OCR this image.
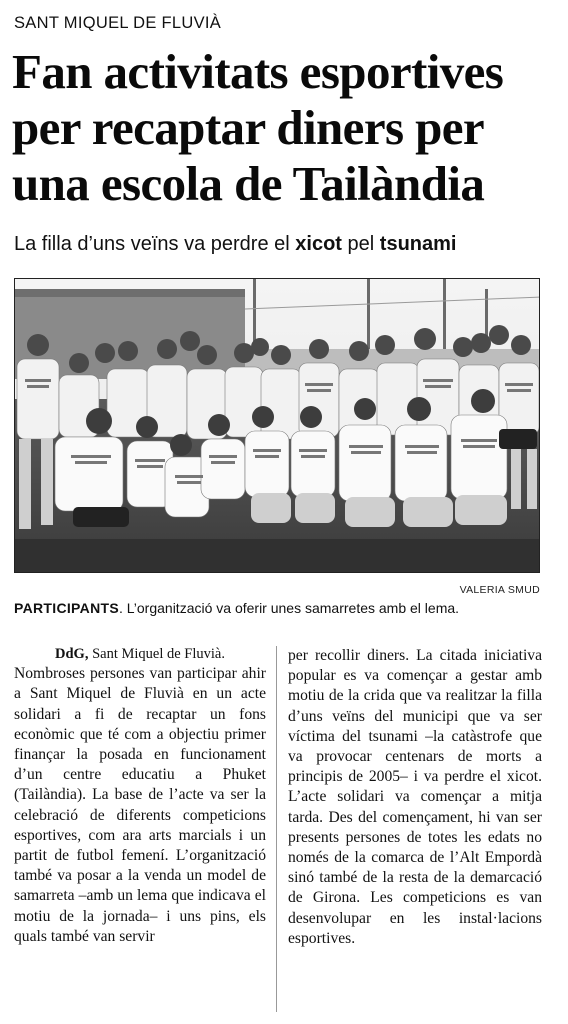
SANT MIQUEL DE FLUVIÀ
Fan activitats esportives per recaptar diners per una escola de Tailàndia
La filla d’uns veïns va perdre el xicot pel tsunami
VALERIA SMUD
PARTICIPANTS. L’organització va oferir unes samarretes amb el lema.
DdG, Sant Miquel de Fluvià.

Nombroses persones van participar ahir a Sant Miquel de Fluvià en un acte solidari a fi de recaptar un fons econòmic que té com a objectiu primer finançar la posada en funcionament d’un centre educatiu a Phuket (Tailàndia). La base de l’acte va ser la celebració de diferents competicions esportives, com ara arts marcials i un partit de futbol femení. L’organització també va posar a la venda un model de samarreta –amb un lema que indicava el motiu de la jornada– i uns pins, els quals també van servir

per recollir diners. La citada iniciativa popular es va començar a gestar amb motiu de la crida que va realitzar la filla d’uns veïns del municipi que va ser víctima del tsunami –la catàstrofe que va provocar centenars de morts a principis de 2005– i va perdre el xicot. L’acte solidari va començar a mitja tarda. Des del començament, hi van ser presents persones de totes les edats no només de la comarca de l’Alt Empordà sinó també de la resta de la demarcació de Girona. Les competicions es van desenvolupar en les instal·lacions esportives.
